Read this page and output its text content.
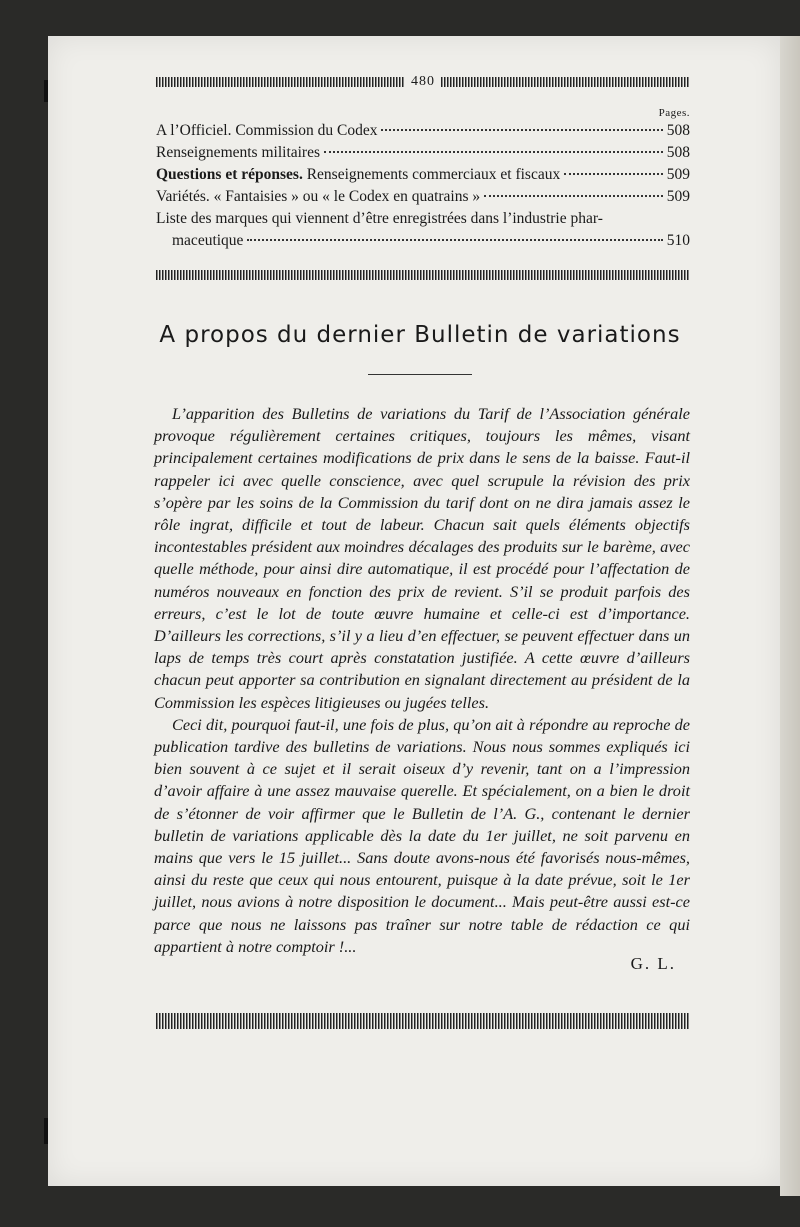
480
Pages.
A l’Officiel. Commission du Codex	508
Renseignements militaires	508
Questions et réponses. Renseignements commerciaux et fiscaux	509
Variétés. « Fantaisies » ou « le Codex en quatrains »	509
Liste des marques qui viennent d’être enregistrées dans l’industrie phar-
maceutique	510
A propos du dernier Bulletin de variations

L’apparition des Bulletins de variations du Tarif de l’Association générale provoque régulièrement certaines critiques, toujours les mêmes, visant principalement certaines modifications de prix dans le sens de la baisse. Faut-il rappeler ici avec quelle conscience, avec quel scrupule la révision des prix s’opère par les soins de la Commission du tarif dont on ne dira jamais assez le rôle ingrat, difficile et tout de labeur. Chacun sait quels éléments objectifs incontestables président aux moindres décalages des produits sur le barème, avec quelle méthode, pour ainsi dire automatique, il est procédé pour l’affectation de numéros nouveaux en fonction des prix de revient. S’il se produit parfois des erreurs, c’est le lot de toute œuvre humaine et celle-ci est d’importance. D’ailleurs les corrections, s’il y a lieu d’en effectuer, se peuvent effectuer dans un laps de temps très court après constatation justifiée. A cette œuvre d’ailleurs chacun peut apporter sa contribution en signalant directement au président de la Commission les espèces litigieuses ou jugées telles.

Ceci dit, pourquoi faut-il, une fois de plus, qu’on ait à répondre au reproche de publication tardive des bulletins de variations. Nous nous sommes expliqués ici bien souvent à ce sujet et il serait oiseux d’y revenir, tant on a l’impression d’avoir affaire à une assez mauvaise querelle. Et spécialement, on a bien le droit de s’étonner de voir affirmer que le Bulletin de l’A. G., contenant le dernier bulletin de variations applicable dès la date du 1er juillet, ne soit parvenu en mains que vers le 15 juillet... Sans doute avons-nous été favorisés nous-mêmes, ainsi du reste que ceux qui nous entourent, puisque à la date prévue, soit le 1er juillet, nous avions à notre disposition le document... Mais peut-être aussi est-ce parce que nous ne laissons pas traîner sur notre table de rédaction ce qui appartient à notre comptoir !...

G. L.
